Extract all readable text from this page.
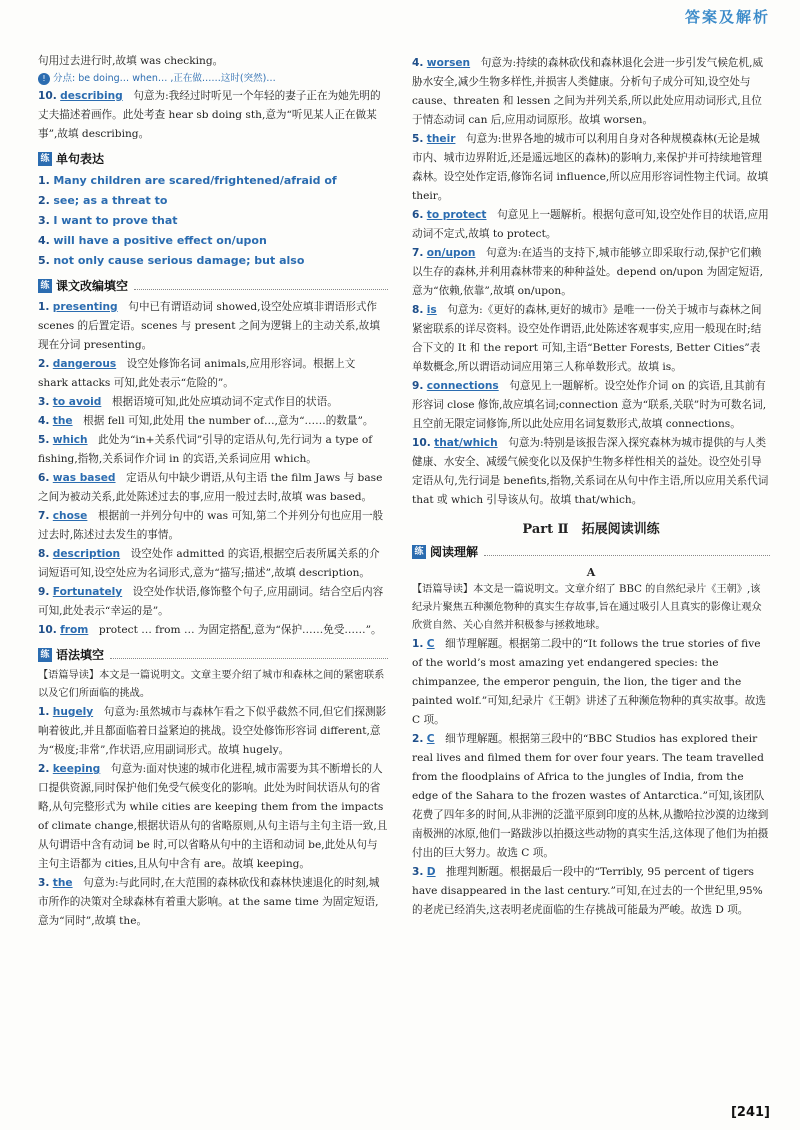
答案及解析

句用过去进行时,故填 was checking。

! 分点: be doing… when… ,正在做……这时(突然)…

10. describing　 句意为:我经过时听见一个年轻的妻子正在为她先明的丈夫描述着画作。此处考查 hear sb doing sth,意为“听见某人正在做某事”,故填 describing。

练 单句表达

1. Many children are scared/frightened/afraid of

2. see; as a threat to

3. I want to prove that

4. will have a positive effect on/upon

5. not only cause serious damage; but also

练 课文改编填空

1. presenting　 句中已有谓语动词 showed,设空处应填非谓语形式作 scenes 的后置定语。scenes 与 present 之间为逻辑上的主动关系,故填现在分词 presenting。

2. dangerous　 设空处修饰名词 animals,应用形容词。根据上文 shark attacks 可知,此处表示“危险的”。

3. to avoid　 根据语境可知,此处应填动词不定式作目的状语。

4. the　 根据 fell 可知,此处用 the number of…,意为“……的数量”。

5. which　 此处为“in+关系代词”引导的定语从句,先行词为 a type of fishing,指物,关系词作介词 in 的宾语,关系词应用 which。

6. was based　 定语从句中缺少谓语,从句主语 the film Jaws 与 base 之间为被动关系,此处陈述过去的事,应用一般过去时,故填 was based。

7. chose　 根据前一并列分句中的 was 可知,第二个并列分句也应用一般过去时,陈述过去发生的事情。

8. description　 设空处作 admitted 的宾语,根据空后表所属关系的介词短语可知,设空处应为名词形式,意为“描写;描述”,故填 description。

9. Fortunately　 设空处作状语,修饰整个句子,应用副词。结合空后内容可知,此处表示“幸运的是”。

10. from　 protect … from … 为固定搭配,意为“保护……免受……”。

练 语法填空

【语篇导读】本文是一篇说明文。文章主要介绍了城市和森林之间的紧密联系以及它们所面临的挑战。

1. hugely　 句意为:虽然城市与森林乍看之下似乎截然不同,但它们探测影响着彼此,并且都面临着日益紧迫的挑战。设空处修饰形容词 different,意为“极度;非常”,作状语,应用副词形式。故填 hugely。

2. keeping　 句意为:面对快速的城市化进程,城市需要为其不断增长的人口提供资源,同时保护他们免受气候变化的影响。此处为时间状语从句的省略,从句完整形式为 while cities are keeping them from the impacts of climate change,根据状语从句的省略原则,从句主语与主句主语一致,且从句谓语中含有动词 be 时,可以省略从句中的主语和动词 be,此处从句与主句主语都为 cities,且从句中含有 are。故填 keeping。

3. the　 句意为:与此同时,在大范围的森林砍伐和森林快速退化的时刻,城市所作的决策对全球森林有着重大影响。at the same time 为固定短语,意为“同时”,故填 the。

4. worsen　 句意为:持续的森林砍伐和森林退化会进一步引发气候危机,威胁水安全,减少生物多样性,并损害人类健康。分析句子成分可知,设空处与 cause、threaten 和 lessen 之间为并列关系,所以此处应用动词形式,且位于情态动词 can 后,应用动词原形。故填 worsen。

5. their　 句意为:世界各地的城市可以利用自身对各种规模森林(无论是城市内、城市边界附近,还是遥远地区的森林)的影响力,来保护并可持续地管理森林。设空处作定语,修饰名词 influence,所以应用形容词性物主代词。故填 their。

6. to protect　 句意见上一题解析。根据句意可知,设空处作目的状语,应用动词不定式,故填 to protect。

7. on/upon　 句意为:在适当的支持下,城市能够立即采取行动,保护它们赖以生存的森林,并利用森林带来的种种益处。depend on/upon 为固定短语,意为“依赖,依靠”,故填 on/upon。

8. is　 句意为:《更好的森林,更好的城市》是唯一一份关于城市与森林之间紧密联系的详尽资料。设空处作谓语,此处陈述客观事实,应用一般现在时;结合下文的 It 和 the report 可知,主语“Better Forests, Better Cities”表单数概念,所以谓语动词应用第三人称单数形式。故填 is。

9. connections　 句意见上一题解析。设空处作介词 on 的宾语,且其前有形容词 close 修饰,故应填名词;connection 意为“联系,关联”时为可数名词,且空前无限定词修饰,所以此处应用名词复数形式,故填 connections。

10. that/which　 句意为:特别是该报告深入探究森林为城市提供的与人类健康、水安全、减缓气候变化以及保护生物多样性相关的益处。设空处引导定语从句,先行词是 benefits,指物,关系词在从句中作主语,所以应用关系代词 that 或 which 引导该从句。故填 that/which。

Part Ⅱ　拓展阅读训练
练 阅读理解
A

【语篇导读】本文是一篇说明文。文章介绍了 BBC 的自然纪录片《王朝》,该纪录片聚焦五种濒危物种的真实生存故事,旨在通过吸引人且真实的影像让观众欣赏自然、关心自然并积极参与拯救地球。

1. C　 细节理解题。根据第二段中的“It follows the true stories of five of the world’s most amazing yet endangered species: the chimpanzee, the emperor penguin, the lion, the tiger and the painted wolf.”可知,纪录片《王朝》讲述了五种濒危物种的真实故事。故选 C 项。

2. C　 细节理解题。根据第三段中的“BBC Studios has explored their real lives and filmed them for over four years. The team travelled from the floodplains of Africa to the jungles of India, from the edge of the Sahara to the frozen wastes of Antarctica.”可知,该团队花费了四年多的时间,从非洲的泛滥平原到印度的丛林,从撒哈拉沙漠的边缘到南极洲的冰原,他们一路跋涉以拍摄这些动物的真实生活,这体现了他们为拍摄付出的巨大努力。故选 C 项。

3. D　 推理判断题。根据最后一段中的“Terribly, 95 percent of tigers have disappeared in the last century.”可知,在过去的一个世纪里,95%的老虎已经消失,这表明老虎面临的生存挑战可能最为严峻。故选 D 项。

[241]
